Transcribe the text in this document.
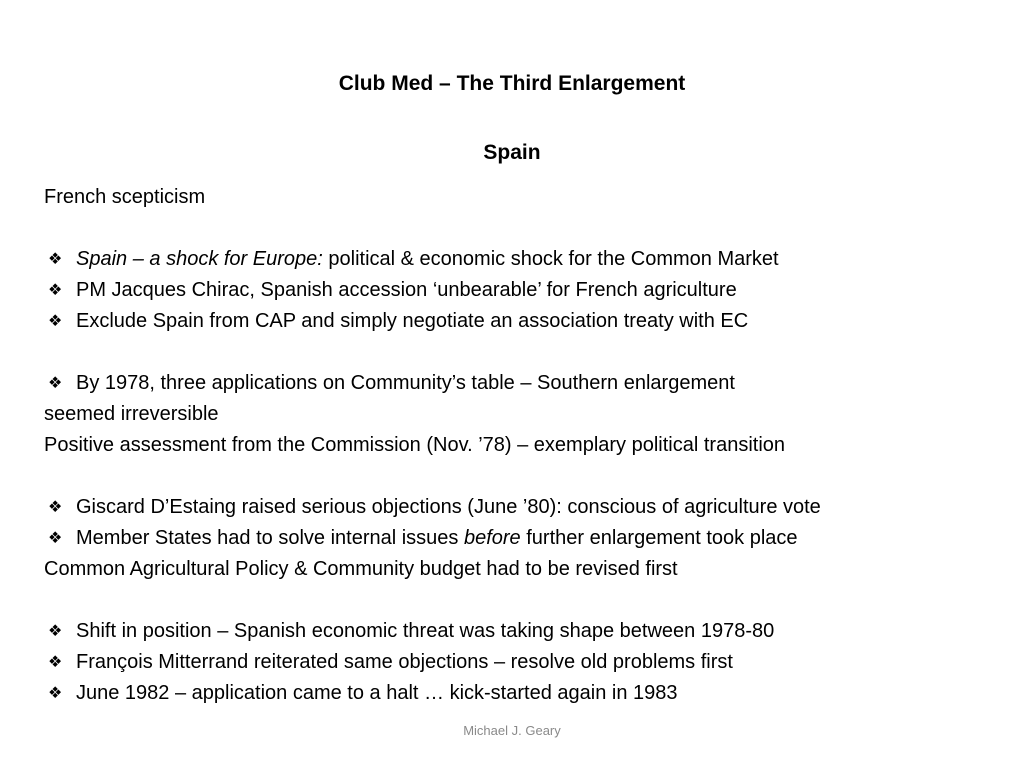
Club Med – The Third Enlargement
Spain
French scepticism
❖ Spain – a shock for Europe: political & economic shock for the Common Market
❖ PM Jacques Chirac, Spanish accession ‘unbearable’ for French agriculture
❖ Exclude Spain from CAP and simply negotiate an association treaty with EC
❖ By 1978, three applications on Community’s table – Southern enlargement
seemed irreversible
Positive assessment from the Commission (Nov. ’78) – exemplary political transition
❖ Giscard D’Estaing raised serious objections (June ’80): conscious of agriculture vote
❖ Member States had to solve internal issues before further enlargement took place
Common Agricultural Policy & Community budget had to be revised first
❖ Shift in position – Spanish economic threat was taking shape between 1978-80
❖ François Mitterrand reiterated same objections – resolve old problems first
❖ June 1982 – application came to a halt … kick-started again in 1983
Michael J. Geary
